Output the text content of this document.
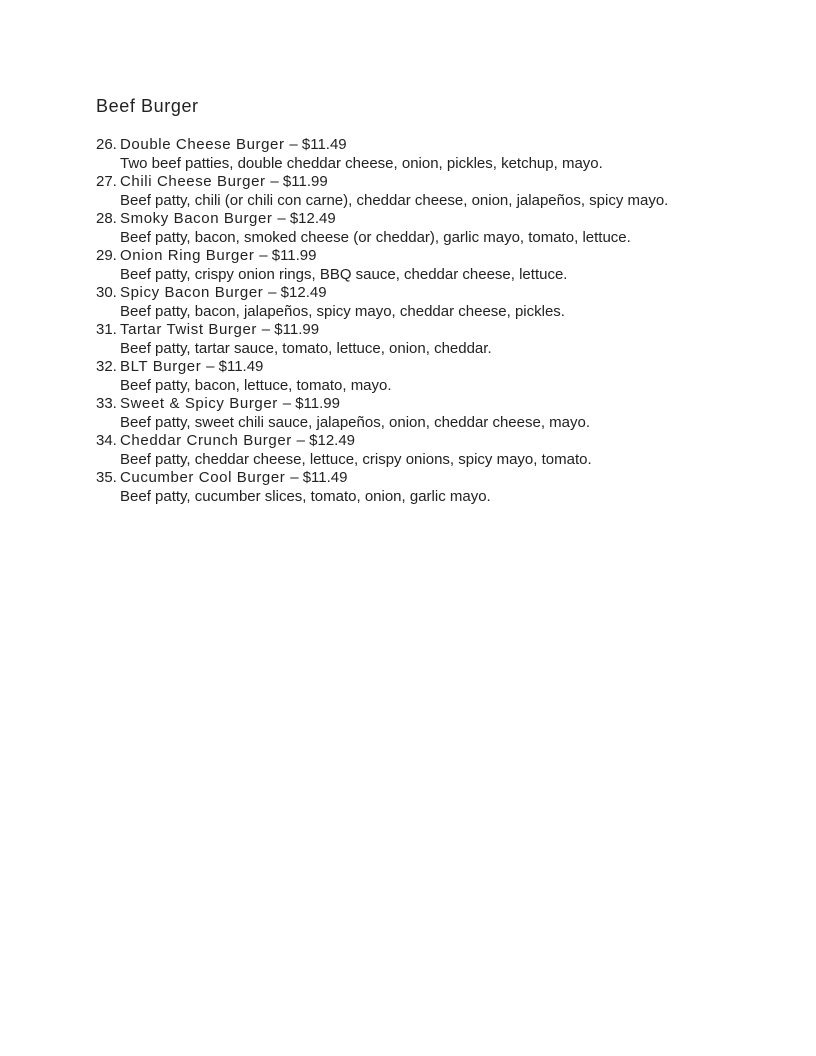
Beef Burger
26. Double Cheese Burger – $11.49
Two beef patties, double cheddar cheese, onion, pickles, ketchup, mayo.
27. Chili Cheese Burger – $11.99
Beef patty, chili (or chili con carne), cheddar cheese, onion, jalapeños, spicy mayo.
28. Smoky Bacon Burger – $12.49
Beef patty, bacon, smoked cheese (or cheddar), garlic mayo, tomato, lettuce.
29. Onion Ring Burger – $11.99
Beef patty, crispy onion rings, BBQ sauce, cheddar cheese, lettuce.
30. Spicy Bacon Burger – $12.49
Beef patty, bacon, jalapeños, spicy mayo, cheddar cheese, pickles.
31. Tartar Twist Burger – $11.99
Beef patty, tartar sauce, tomato, lettuce, onion, cheddar.
32. BLT Burger – $11.49
Beef patty, bacon, lettuce, tomato, mayo.
33. Sweet & Spicy Burger – $11.99
Beef patty, sweet chili sauce, jalapeños, onion, cheddar cheese, mayo.
34. Cheddar Crunch Burger – $12.49
Beef patty, cheddar cheese, lettuce, crispy onions, spicy mayo, tomato.
35. Cucumber Cool Burger – $11.49
Beef patty, cucumber slices, tomato, onion, garlic mayo.
